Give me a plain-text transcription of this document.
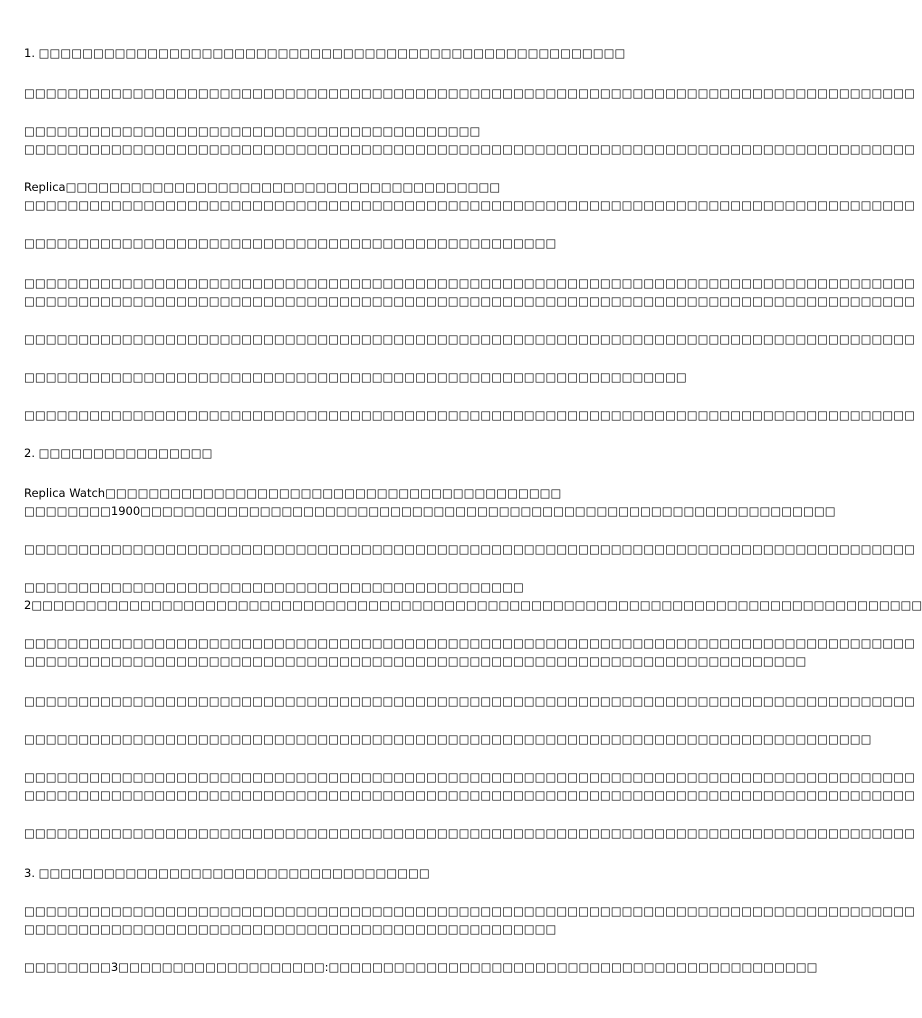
1. □□□□□□□□□□□□□□□□□□□□□□□□□□□□□□□□□□□□□□□□□□□□□□□□□□□□□□
□□□□□□□□□□□□□□□□□□□□□□□□□□□□□□□□□□□□□□□□□□□□□□□□□□□□□□□□□□□□□□□□□□□□□□□□□□□□□□□□□□
□□□□□□□□□□□□□□□□□□□□□□□□□□□□□□□□□□□□□□□□□□
□□□□□□□□□□□□□□□□□□□□□□□□□□□□□□□□□□□□□□□□□□□□□□□□□□□□□□□□□□□□□□□□□□□□□□□□□□□□□□□□□□
Replica□□□□□□□□□□□□□□□□□□□□□□□□□□□□□□□□□□□□□□□□
□□□□□□□□□□□□□□□□□□□□□□□□□□□□□□□□□□□□□□□□□□□□□□□□□□□□□□□□□□□□□□□□□□□□□□□□□□□□□□□□□□
□□□□□□□□□□□□□□□□□□□□□□□□□□□□□□□□□□□□□□□□□□□□□□□□□
□□□□□□□□□□□□□□□□□□□□□□□□□□□□□□□□□□□□□□□□□□□□□□□□□□□□□□□□□□□□□□□□□□□□□□□□□□□□□□□□□□
□□□□□□□□□□□□□□□□□□□□□□□□□□□□□□□□□□□□□□□□□□□□□□□□□□□□□□□□□□□□□□□□□□□□□□□□□□□□□□□□□□
□□□□□□□□□□□□□□□□□□□□□□□□□□□□□□□□□□□□□□□□□□□□□□□□□□□□□□□□□□□□□□□□□□□□□□□□□□□□□□□□□□
□□□□□□□□□□□□□□□□□□□□□□□□□□□□□□□□□□□□□□□□□□□□□□□□□□□□□□□□□□□□□
□□□□□□□□□□□□□□□□□□□□□□□□□□□□□□□□□□□□□□□□□□□□□□□□□□□□□□□□□□□□□□□□□□□□□□□□□□□□□□□□□□
2. □□□□□□□□□□□□□□□□
Replica Watch□□□□□□□□□□□□□□□□□□□□□□□□□□□□□□□□□□□□□□□□□□
□□□□□□□□1900□□□□□□□□□□□□□□□□□□□□□□□□□□□□□□□□□□□□□□□□□□□□□□□□□□□□□□□□□□□□□□□□
□□□□□□□□□□□□□□□□□□□□□□□□□□□□□□□□□□□□□□□□□□□□□□□□□□□□□□□□□□□□□□□□□□□□□□□□□□□□□□□□□□
□□□□□□□□□□□□□□□□□□□□□□□□□□□□□□□□□□□□□□□□□□□□□□
2□□□□□□□□□□□□□□□□□□□□□□□□□□□□□□□□□□□□□□□□□□□□□□□□□□□□□□□□□□□□□□□□□□□□□□□□□□□□□□□□□□
□□□□□□□□□□□□□□□□□□□□□□□□□□□□□□□□□□□□□□□□□□□□□□□□□□□□□□□□□□□□□□□□□□□□□□□□□□□□□□□□□□
□□□□□□□□□□□□□□□□□□□□□□□□□□□□□□□□□□□□□□□□□□□□□□□□□□□□□□□□□□□□□□□□□□□□□□□□
□□□□□□□□□□□□□□□□□□□□□□□□□□□□□□□□□□□□□□□□□□□□□□□□□□□□□□□□□□□□□□□□□□□□□□□□□□□□□□□□□□
□□□□□□□□□□□□□□□□□□□□□□□□□□□□□□□□□□□□□□□□□□□□□□□□□□□□□□□□□□□□□□□□□□□□□□□□□□□□□□
□□□□□□□□□□□□□□□□□□□□□□□□□□□□□□□□□□□□□□□□□□□□□□□□□□□□□□□□□□□□□□□□□□□□□□□□□□□□□□□□□□
□□□□□□□□□□□□□□□□□□□□□□□□□□□□□□□□□□□□□□□□□□□□□□□□□□□□□□□□□□□□□□□□□□□□□□□□□□□□□□□□□□
□□□□□□□□□□□□□□□□□□□□□□□□□□□□□□□□□□□□□□□□□□□□□□□□□□□□□□□□□□□□□□□□□□□□□□□□□□□□□□□□□□
3. □□□□□□□□□□□□□□□□□□□□□□□□□□□□□□□□□□□□
□□□□□□□□□□□□□□□□□□□□□□□□□□□□□□□□□□□□□□□□□□□□□□□□□□□□□□□□□□□□□□□□□□□□□□□□□□□□□□□□□□
□□□□□□□□□□□□□□□□□□□□□□□□□□□□□□□□□□□□□□□□□□□□□□□□□
□□□□□□□□3□□□□□□□□□□□□□□□□□□□:□□□□□□□□□□□□□□□□□□□□□□□□□□□□□□□□□□□□□□□□□□□□□
